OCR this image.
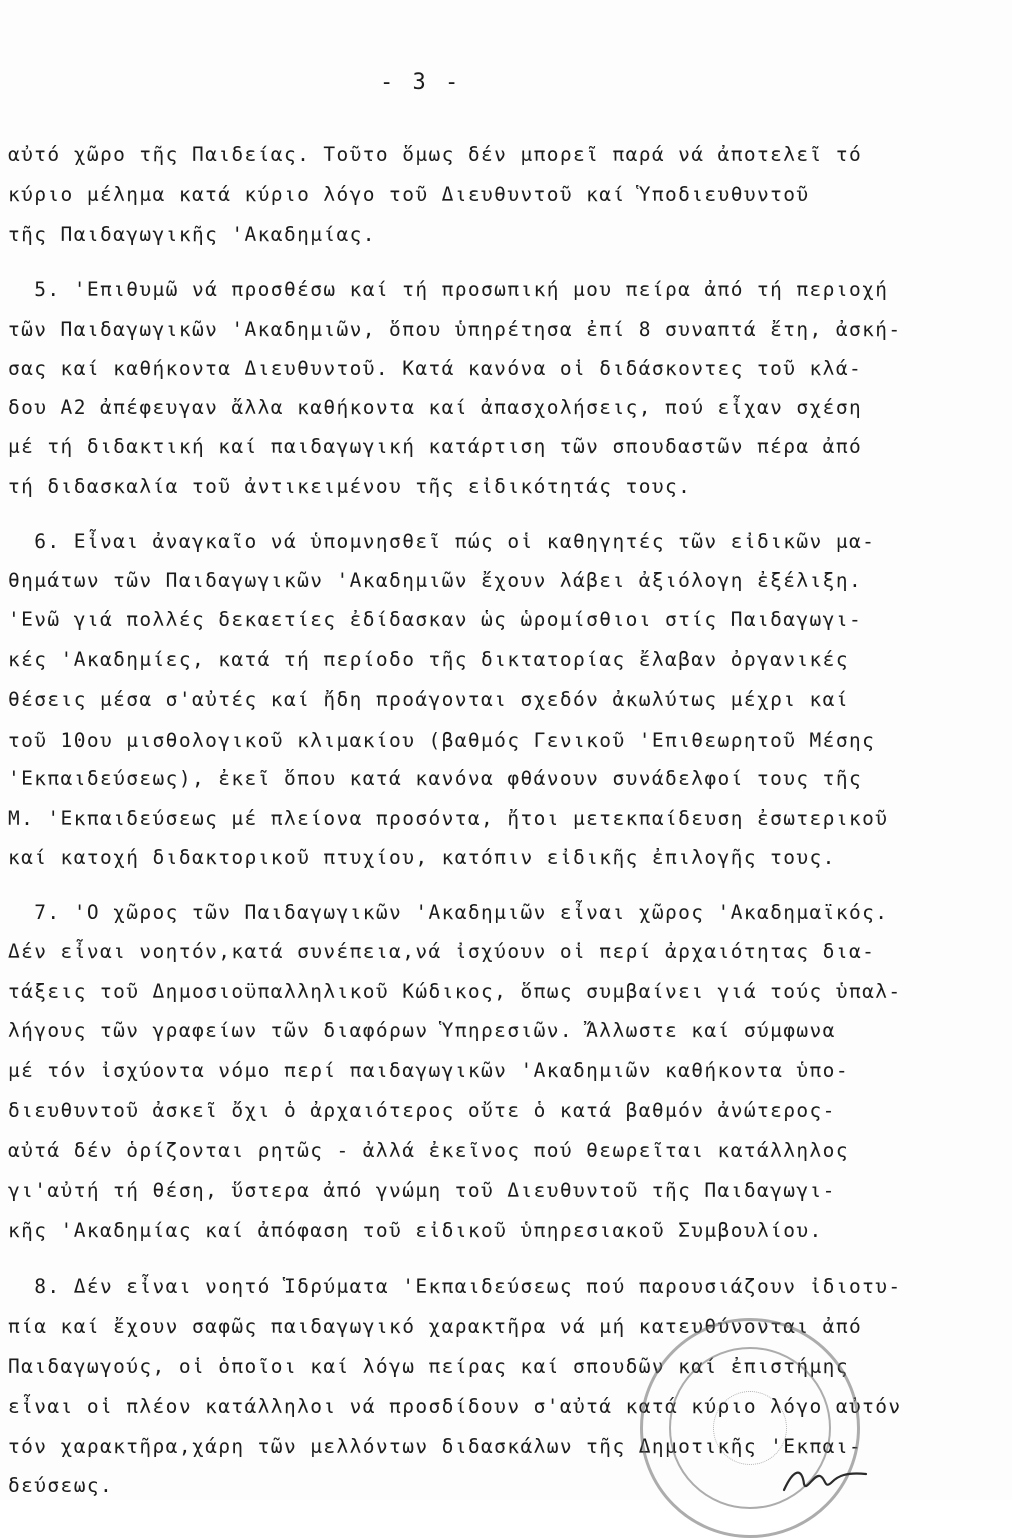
- 3 -
αὐτό χῶρο τῆς Παιδείας. Τοῦτο ὅμως δέν μπορεῖ παρά νά ἀποτελεῖ τό
κύριο μέλημα κατά κύριο λόγο τοῦ Διευθυντοῦ καί Ὑποδιευθυντοῦ
τῆς Παιδαγωγικῆς 'Ακαδημίας.
5. 'Επιθυμῶ νά προσθέσω καί τή προσωπική μου πείρα ἀπό τή περιοχή
τῶν Παιδαγωγικῶν 'Ακαδημιῶν, ὅπου ὑπηρέτησα ἐπί 8 συναπτά ἔτη, ἀσκή-
σας καί καθήκοντα Διευθυντοῦ. Κατά κανόνα οἱ διδάσκοντες τοῦ κλά-
δου Α2 ἀπέφευγαν ἄλλα καθήκοντα καί ἀπασχολήσεις, πού εἶχαν σχέση
μέ τή διδακτική καί παιδαγωγική κατάρτιση τῶν σπουδαστῶν πέρα ἀπό
τή διδασκαλία τοῦ ἀντικειμένου τῆς εἰδικότητάς τους.
6. Εἶναι ἀναγκαῖο νά ὑπομνησθεῖ πώς οἱ καθηγητές τῶν εἰδικῶν μα-
θημάτων τῶν Παιδαγωγικῶν 'Ακαδημιῶν ἔχουν λάβει ἀξιόλογη ἐξέλιξη.
'Ενῶ γιά πολλές δεκαετίες ἐδίδασκαν ὡς ὡρομίσθιοι στίς Παιδαγωγι-
κές 'Ακαδημίες, κατά τή περίοδο τῆς δικτατορίας ἔλαβαν ὀργανικές
θέσεις μέσα σ'αὐτές καί ἤδη προάγονται σχεδόν ἀκωλύτως μέχρι καί
τοῦ 10ου μισθολογικοῦ κλιμακίου (βαθμός Γενικοῦ 'Επιθεωρητοῦ Μέσης
'Εκπαιδεύσεως), ἐκεῖ ὅπου κατά κανόνα φθάνουν συνάδελφοί τους τῆς
Μ. 'Εκπαιδεύσεως μέ πλείονα προσόντα, ἤτοι μετεκπαίδευση ἐσωτερικοῦ
καί κατοχή διδακτορικοῦ πτυχίου, κατόπιν εἰδικῆς ἐπιλογῆς τους.
7. 'Ο χῶρος τῶν Παιδαγωγικῶν 'Ακαδημιῶν εἶναι χῶρος 'Ακαδημαϊκός.
Δέν εἶναι νοητόν,κατά συνέπεια,νά ἰσχύουν οἱ περί ἀρχαιότητας δια-
τάξεις τοῦ Δημοσιοϋπαλληλικοῦ Κώδικος, ὅπως συμβαίνει γιά τούς ὑπαλ-
λήγους τῶν γραφείων τῶν διαφόρων Ὑπηρεσιῶν. Ἄλλωστε καί σύμφωνα
μέ τόν ἰσχύοντα νόμο περί παιδαγωγικῶν 'Ακαδημιῶν καθήκοντα ὑπο-
διευθυντοῦ ἀσκεῖ ὄχι ὁ ἀρχαιότερος οὔτε ὁ κατά βαθμόν ἀνώτερος-
αὐτά δέν ὁρίζονται ρητῶς - ἀλλά ἐκεῖνος πού θεωρεῖται κατάλληλος
γι'αὐτή τή θέση, ὕστερα ἀπό γνώμη τοῦ Διευθυντοῦ τῆς Παιδαγωγι-
κῆς 'Ακαδημίας καί ἀπόφαση τοῦ εἰδικοῦ ὑπηρεσιακοῦ Συμβουλίου.
8. Δέν εἶναι νοητό Ἱδρύματα 'Εκπαιδεύσεως πού παρουσιάζουν ἰδιοτυ-
πία καί ἔχουν σαφῶς παιδαγωγικό χαρακτῆρα νά μή κατευθύνονται ἀπό
Παιδαγωγούς, οἱ ὁποῖοι καί λόγω πείρας καί σπουδῶν καί ἐπιστήμης
εἶναι οἱ πλέον κατάλληλοι νά προσδίδουν σ'αὐτά κατά κύριο λόγο αὐτόν
τόν χαρακτῆρα,χάρη τῶν μελλόντων διδασκάλων τῆς Δημοτικῆς 'Εκπαι-
δεύσεως.
